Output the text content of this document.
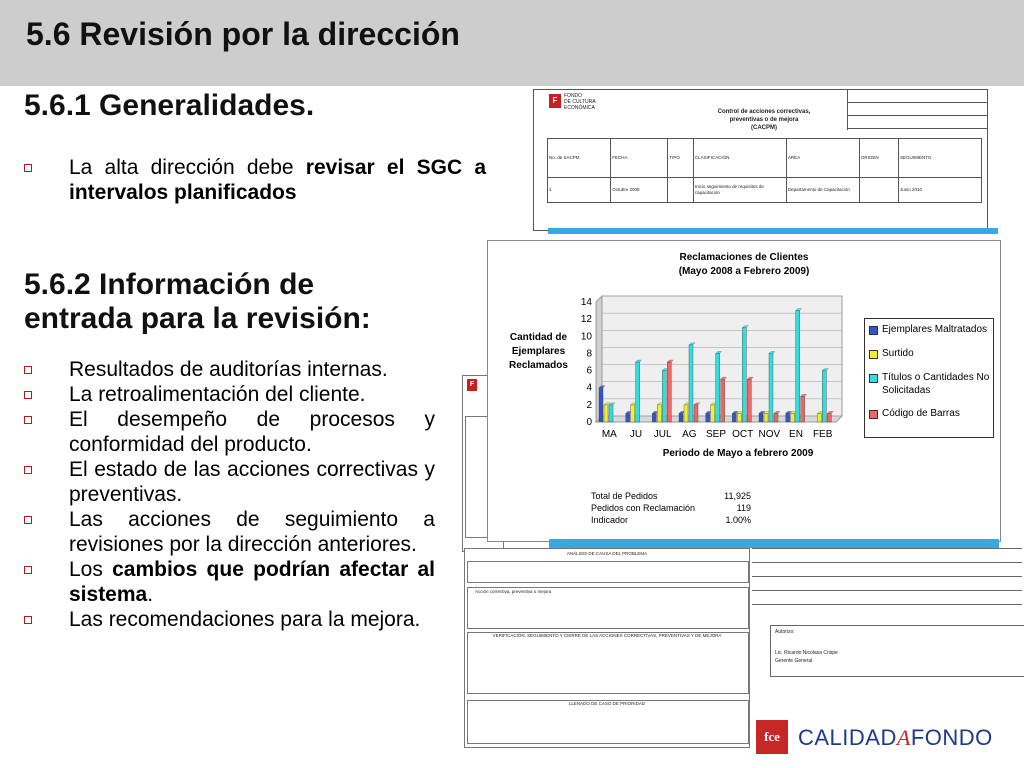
5.6 Revisión por la dirección
5.6.1 Generalidades.
La alta dirección debe revisar el SGC a intervalos planificados
5.6.2 Información de
entrada para la revisión:
Resultados de auditorías internas.
La retroalimentación del cliente.
El desempeño de procesos y conformidad del producto.
El estado de las acciones correctivas y preventivas.
Las acciones de seguimiento a revisiones por la dirección anteriores.
Los cambios que podrían afectar al sistema.
Las recomendaciones para la mejora.
F	FONDO
DE CULTURA
ECONÓMICA
Control de acciones correctivas,
preventivas o de mejora
(CACPM)
No. de SACPM	FECHA	TIPO	CLASIFICACIÓN	ÁREA	ORIGEN	SEGUIMIENTO
1	Octubre 2008		Inicio seguimiento de requisitos de capacitación	Departamento de Capacitación		Junio 2010
F
ANÁLISIS DE CAUSA DEL PROBLEMA
Acción correctiva, preventiva o mejora
VERIFICACIÓN, SEGUIMIENTO Y CIERRE DE LAS ACCIONES CORRECTIVAS, PREVENTIVAS Y DE MEJORA
LLENADO DE CASO DE PRIORIDAD
Autorizo:
Lic. Ricardo Nicolasa Crispe
Gerente General
Reclamaciones de Clientes
(Mayo 2008 a Febrero 2009)
Cantidad de Ejemplares Reclamados
0
2
4
6
8
10
12
14
MA JU JUL AG SEP OCT NOV EN FEB
Periodo de Mayo a febrero 2009
Ejemplares Maltratados
Surtido
Títulos o Cantidades No Solicitadas
Código de Barras
Total de Pedidos	11,925
Pedidos con Reclamación	119
Indicador	1.00%
fce CALIDADAFONDO
